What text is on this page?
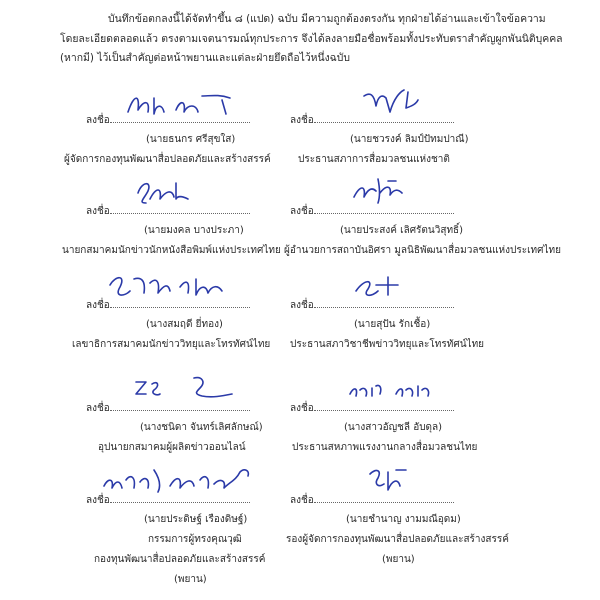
บันทึกข้อตกลงนี้ได้จัดทำขึ้น ๘ (แปด) ฉบับ มีความถูกต้องตรงกัน ทุกฝ่ายได้อ่านและเข้าใจข้อความ

โดยละเอียดตลอดแล้ว ตรงตามเจตนารมณ์ทุกประการ จึงได้ลงลายมือชื่อพร้อมทั้งประทับตราสำคัญผูกพันนิติบุคคล

(หากมี) ไว้เป็นสำคัญต่อหน้าพยานและแต่ละฝ่ายยึดถือไว้หนึ่งฉบับ

ลงชื่อ
(นายธนกร ศรีสุขใส)
ผู้จัดการกองทุนพัฒนาสื่อปลอดภัยและสร้างสรรค์
ลงชื่อ
(นายชวรงค์ ลิมป์ปัทมปาณี)
ประธานสภาการสื่อมวลชนแห่งชาติ
ลงชื่อ
(นายมงคล บางประภา)
นายกสมาคมนักข่าวนักหนังสือพิมพ์แห่งประเทศไทย
ลงชื่อ
(นายประสงค์ เลิศรัตนวิสุทธิ์)
ผู้อำนวยการสถาบันอิศรา มูลนิธิพัฒนาสื่อมวลชนแห่งประเทศไทย
ลงชื่อ
(นางสมฤดี ยี่ทอง)
เลขาธิการสมาคมนักข่าววิทยุและโทรทัศน์ไทย
ลงชื่อ
(นายสุปัน รักเชื้อ)
ประธานสภาวิชาชีพข่าววิทยุและโทรทัศน์ไทย
ลงชื่อ
(นางชนิดา จันทร์เลิศลักษณ์)
อุปนายกสมาคมผู้ผลิตข่าวออนไลน์
ลงชื่อ
(นางสาวอัญชลี อับดุล)
ประธานสหภาพแรงงานกลางสื่อมวลชนไทย
ลงชื่อ
(นายประดิษฐ์ เรืองดิษฐ์)
กรรมการผู้ทรงคุณวุฒิ
กองทุนพัฒนาสื่อปลอดภัยและสร้างสรรค์
(พยาน)
ลงชื่อ
(นายชำนาญ งามมณีอุดม)
รองผู้จัดการกองทุนพัฒนาสื่อปลอดภัยและสร้างสรรค์
(พยาน)
